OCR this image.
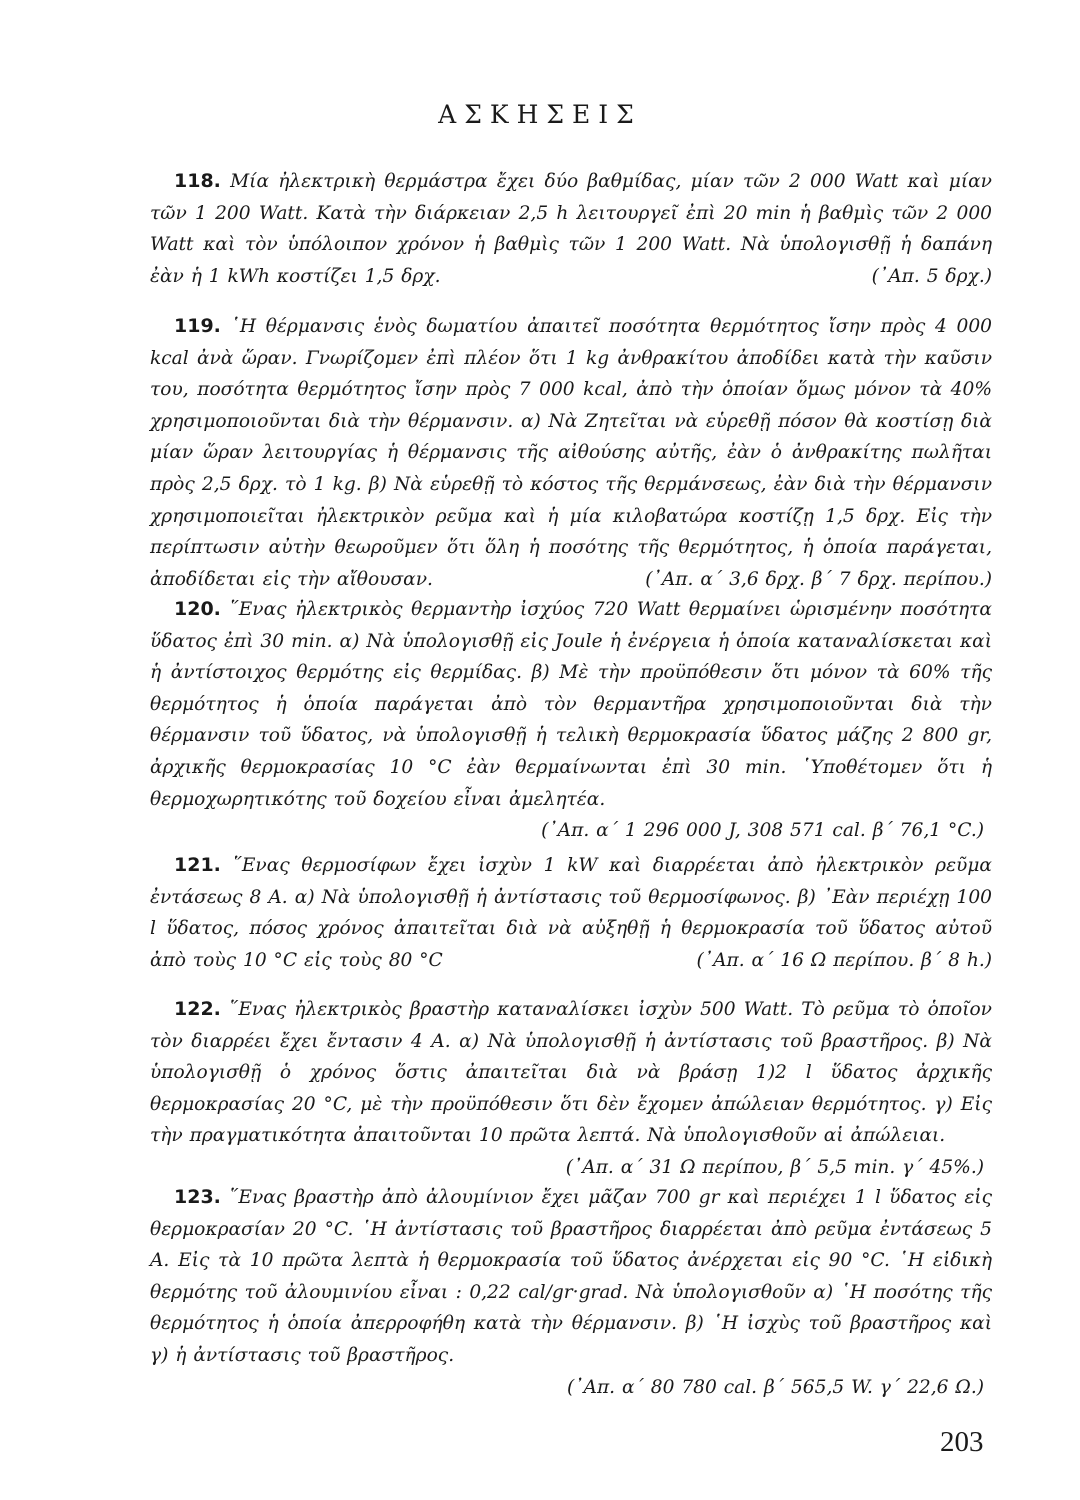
ΑΣΚΗΣΕΙΣ
118. Μία ἠλεκτρικὴ θερμάστρα ἔχει δύο βαθμίδας, μίαν τῶν 2 000 Watt καὶ μίαν τῶν 1 200 Watt. Κατὰ τὴν διάρκειαν 2,5 h λειτουργεῖ ἐπὶ 20 min ἡ βαθμὶς τῶν 2 000 Watt καὶ τὸν ὑπόλοιπον χρόνον ἡ βαθμὶς τῶν 1 200 Watt. Νὰ ὑπολογισθῇ ἡ δαπάνη ἐὰν ἡ 1 kWh κοστίζει 1,5 δρχ.	(᾿Απ. 5 δρχ.)
119. ῾Η θέρμανσις ἑνὸς δωματίου ἀπαιτεῖ ποσότητα θερμότητος ἴσην πρὸς 4 000 kcal ἀνὰ ὥραν. Γνωρίζομεν ἐπὶ πλέον ὅτι 1 kg ἀνθρακίτου ἀποδίδει κατὰ τὴν καῦσιν του, ποσότητα θερμότητος ἴσην πρὸς 7 000 kcal, ἀπὸ τὴν ὁποίαν ὅμως μόνον τὰ 40% χρησιμοποιοῦνται διὰ τὴν θέρμανσιν. α) Νὰ Ζητεῖται νὰ εὑρεθῇ πόσον θὰ κοστίσῃ διὰ μίαν ὥραν λειτουργίας ἡ θέρμανσις τῆς αἰθούσης αὐτῆς, ἐὰν ὁ ἀνθρακίτης πωλῆται πρὸς 2,5 δρχ. τὸ 1 kg. β) Νὰ εὑρεθῇ τὸ κόστος τῆς θερμάνσεως, ἐὰν διὰ τὴν θέρμανσιν χρησιμοποιεῖται ἠλεκτρικὸν ρεῦμα καὶ ἡ μία κιλοβατώρα κοστίζῃ 1,5 δρχ. Εἰς τὴν περίπτωσιν αὐτὴν θεωροῦμεν ὅτι ὅλη ἡ ποσότης τῆς θερμότητος, ἡ ὁποία παράγεται, ἀποδίδεται εἰς τὴν αἴθουσαν.	(᾿Απ. α΄ 3,6 δρχ. β΄ 7 δρχ. περίπου.)
120. ῞Ενας ἠλεκτρικὸς θερμαντὴρ ἰσχύος 720 Watt θερμαίνει ὡρισμένην ποσότητα ὕδατος ἐπὶ 30 min. α) Νὰ ὑπολογισθῇ εἰς Joule ἡ ἐνέργεια ἡ ὁποία καταναλίσκεται καὶ ἡ ἀντίστοιχος θερμότης εἰς θερμίδας. β) Μὲ τὴν προϋπόθεσιν ὅτι μόνον τὰ 60% τῆς θερμότητος ἡ ὁποία παράγεται ἀπὸ τὸν θερμαντῆρα χρησιμοποιοῦνται διὰ τὴν θέρμανσιν τοῦ ὕδατος, νὰ ὑπολογισθῇ ἡ τελικὴ θερμοκρασία ὕδατος μάζης 2 800 gr, ἀρχικῆς θερμοκρασίας 10 °C ἐὰν θερμαίνωνται ἐπὶ 30 min. ῾Υποθέτομεν ὅτι ἡ θερμοχωρητικότης τοῦ δοχείου εἶναι ἀμελητέα.
(᾿Απ. α΄ 1 296 000 J, 308 571 cal. β΄ 76,1 °C.)
121. ῞Ενας θερμοσίφων ἔχει ἰσχὺν 1 kW καὶ διαρρέεται ἀπὸ ἠλεκτρικὸν ρεῦμα ἐντάσεως 8 A. α) Νὰ ὑπολογισθῇ ἡ ἀντίστασις τοῦ θερμοσίφωνος. β) ᾿Εὰν περιέχῃ 100 l ὕδατος, πόσος χρόνος ἀπαιτεῖται διὰ νὰ αὐξηθῇ ἡ θερμοκρασία τοῦ ὕδατος αὐτοῦ ἀπὸ τοὺς 10 °C εἰς τοὺς 80 °C	(᾿Απ. α΄ 16 Ω περίπου. β΄ 8 h.)
122. ῞Ενας ἠλεκτρικὸς βραστὴρ καταναλίσκει ἰσχὺν 500 Watt. Τὸ ρεῦμα τὸ ὁποῖον τὸν διαρρέει ἔχει ἔντασιν 4 A. α) Νὰ ὑπολογισθῇ ἡ ἀντίστασις τοῦ βραστῆρος. β) Νὰ ὑπολογισθῇ ὁ χρόνος ὅστις ἀπαιτεῖται διὰ νὰ βράσῃ 1)2 l ὕδατος ἀρχικῆς θερμοκρασίας 20 °C, μὲ τὴν προϋπόθεσιν ὅτι δὲν ἔχομεν ἀπώλειαν θερμότητος. γ) Εἰς τὴν πραγματικότητα ἀπαιτοῦνται 10 πρῶτα λεπτά. Νὰ ὑπολογισθοῦν αἱ ἀπώλειαι.
(᾿Απ. α΄ 31 Ω περίπου, β΄ 5,5 min. γ΄ 45%.)
123. ῞Ενας βραστὴρ ἀπὸ ἀλουμίνιον ἔχει μᾶζαν 700 gr καὶ περιέχει 1 l ὕδατος εἰς θερμοκρασίαν 20 °C. ῾Η ἀντίστασις τοῦ βραστῆρος διαρρέεται ἀπὸ ρεῦμα ἐντάσεως 5 A. Εἰς τὰ 10 πρῶτα λεπτὰ ἡ θερμοκρασία τοῦ ὕδατος ἀνέρχεται εἰς 90 °C. ῾Η εἰδικὴ θερμότης τοῦ ἀλουμινίου εἶναι : 0,22 cal/gr·grad. Νὰ ὑπολογισθοῦν α) ῾Η ποσότης τῆς θερμότητος ἡ ὁποία ἀπερροφήθη κατὰ τὴν θέρμανσιν. β) ῾Η ἰσχὺς τοῦ βραστῆρος καὶ γ) ἡ ἀντίστασις τοῦ βραστῆρος.
(᾿Απ. α΄ 80 780 cal. β΄ 565,5 W. γ΄ 22,6 Ω.)
203
